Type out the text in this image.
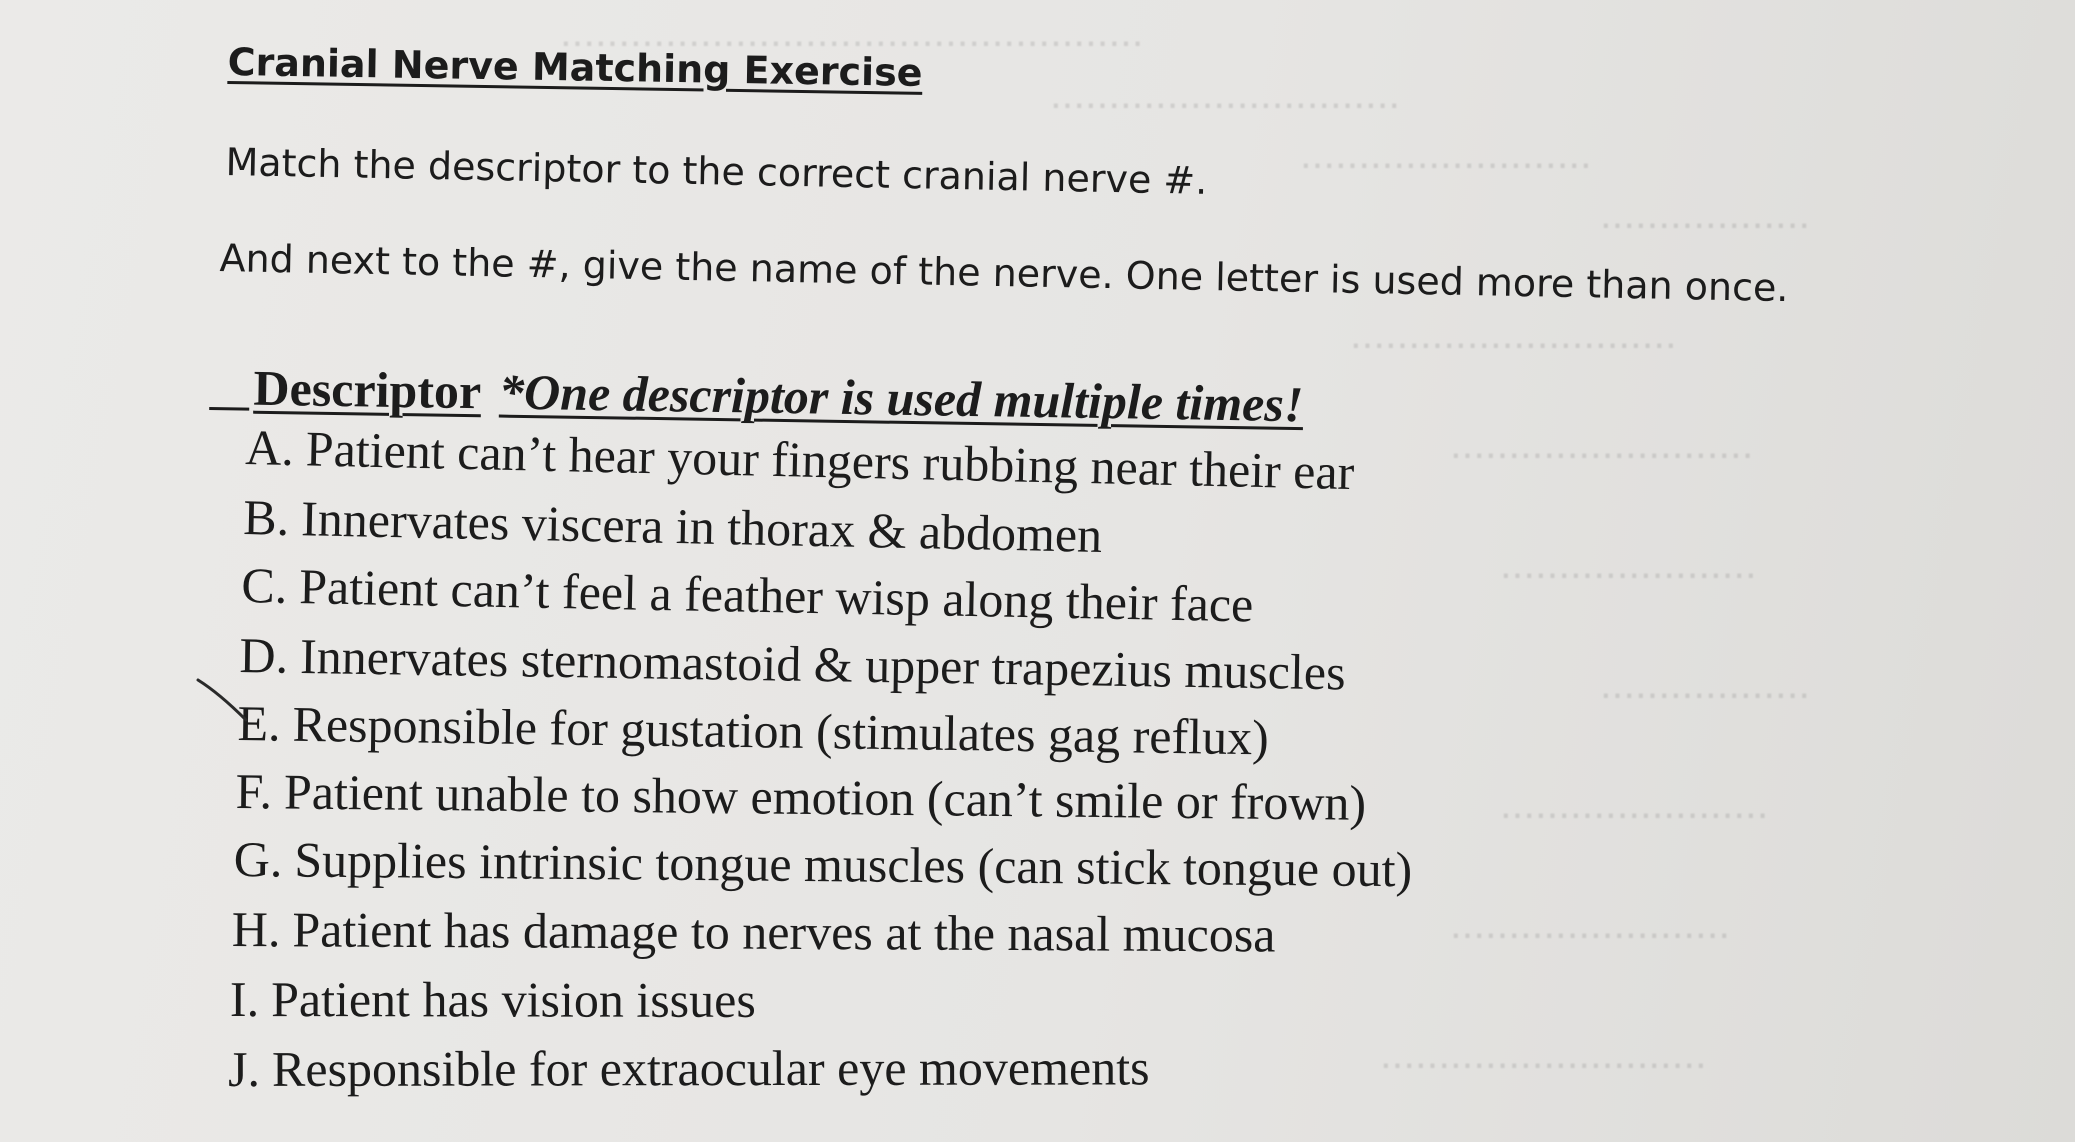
..................................................
..............................
.........................
..................
............................
..........................
......................
..................
.......................
........................
............................
Cranial Nerve Matching Exercise
Match the descriptor to the correct cranial nerve #.
And next to the #, give the name of the nerve. One letter is used more than once.
Descriptor *One descriptor is used multiple times!
A. Patient can’t hear your fingers rubbing near their ear
B. Innervates viscera in thorax & abdomen
C. Patient can’t feel a feather wisp along their face
D. Innervates sternomastoid & upper trapezius muscles
E. Responsible for gustation (stimulates gag reflux)
F. Patient unable to show emotion (can’t smile or frown)
G. Supplies intrinsic tongue muscles (can stick tongue out)
H. Patient has damage to nerves at the nasal mucosa
I. Patient has vision issues
J. Responsible for extraocular eye movements
